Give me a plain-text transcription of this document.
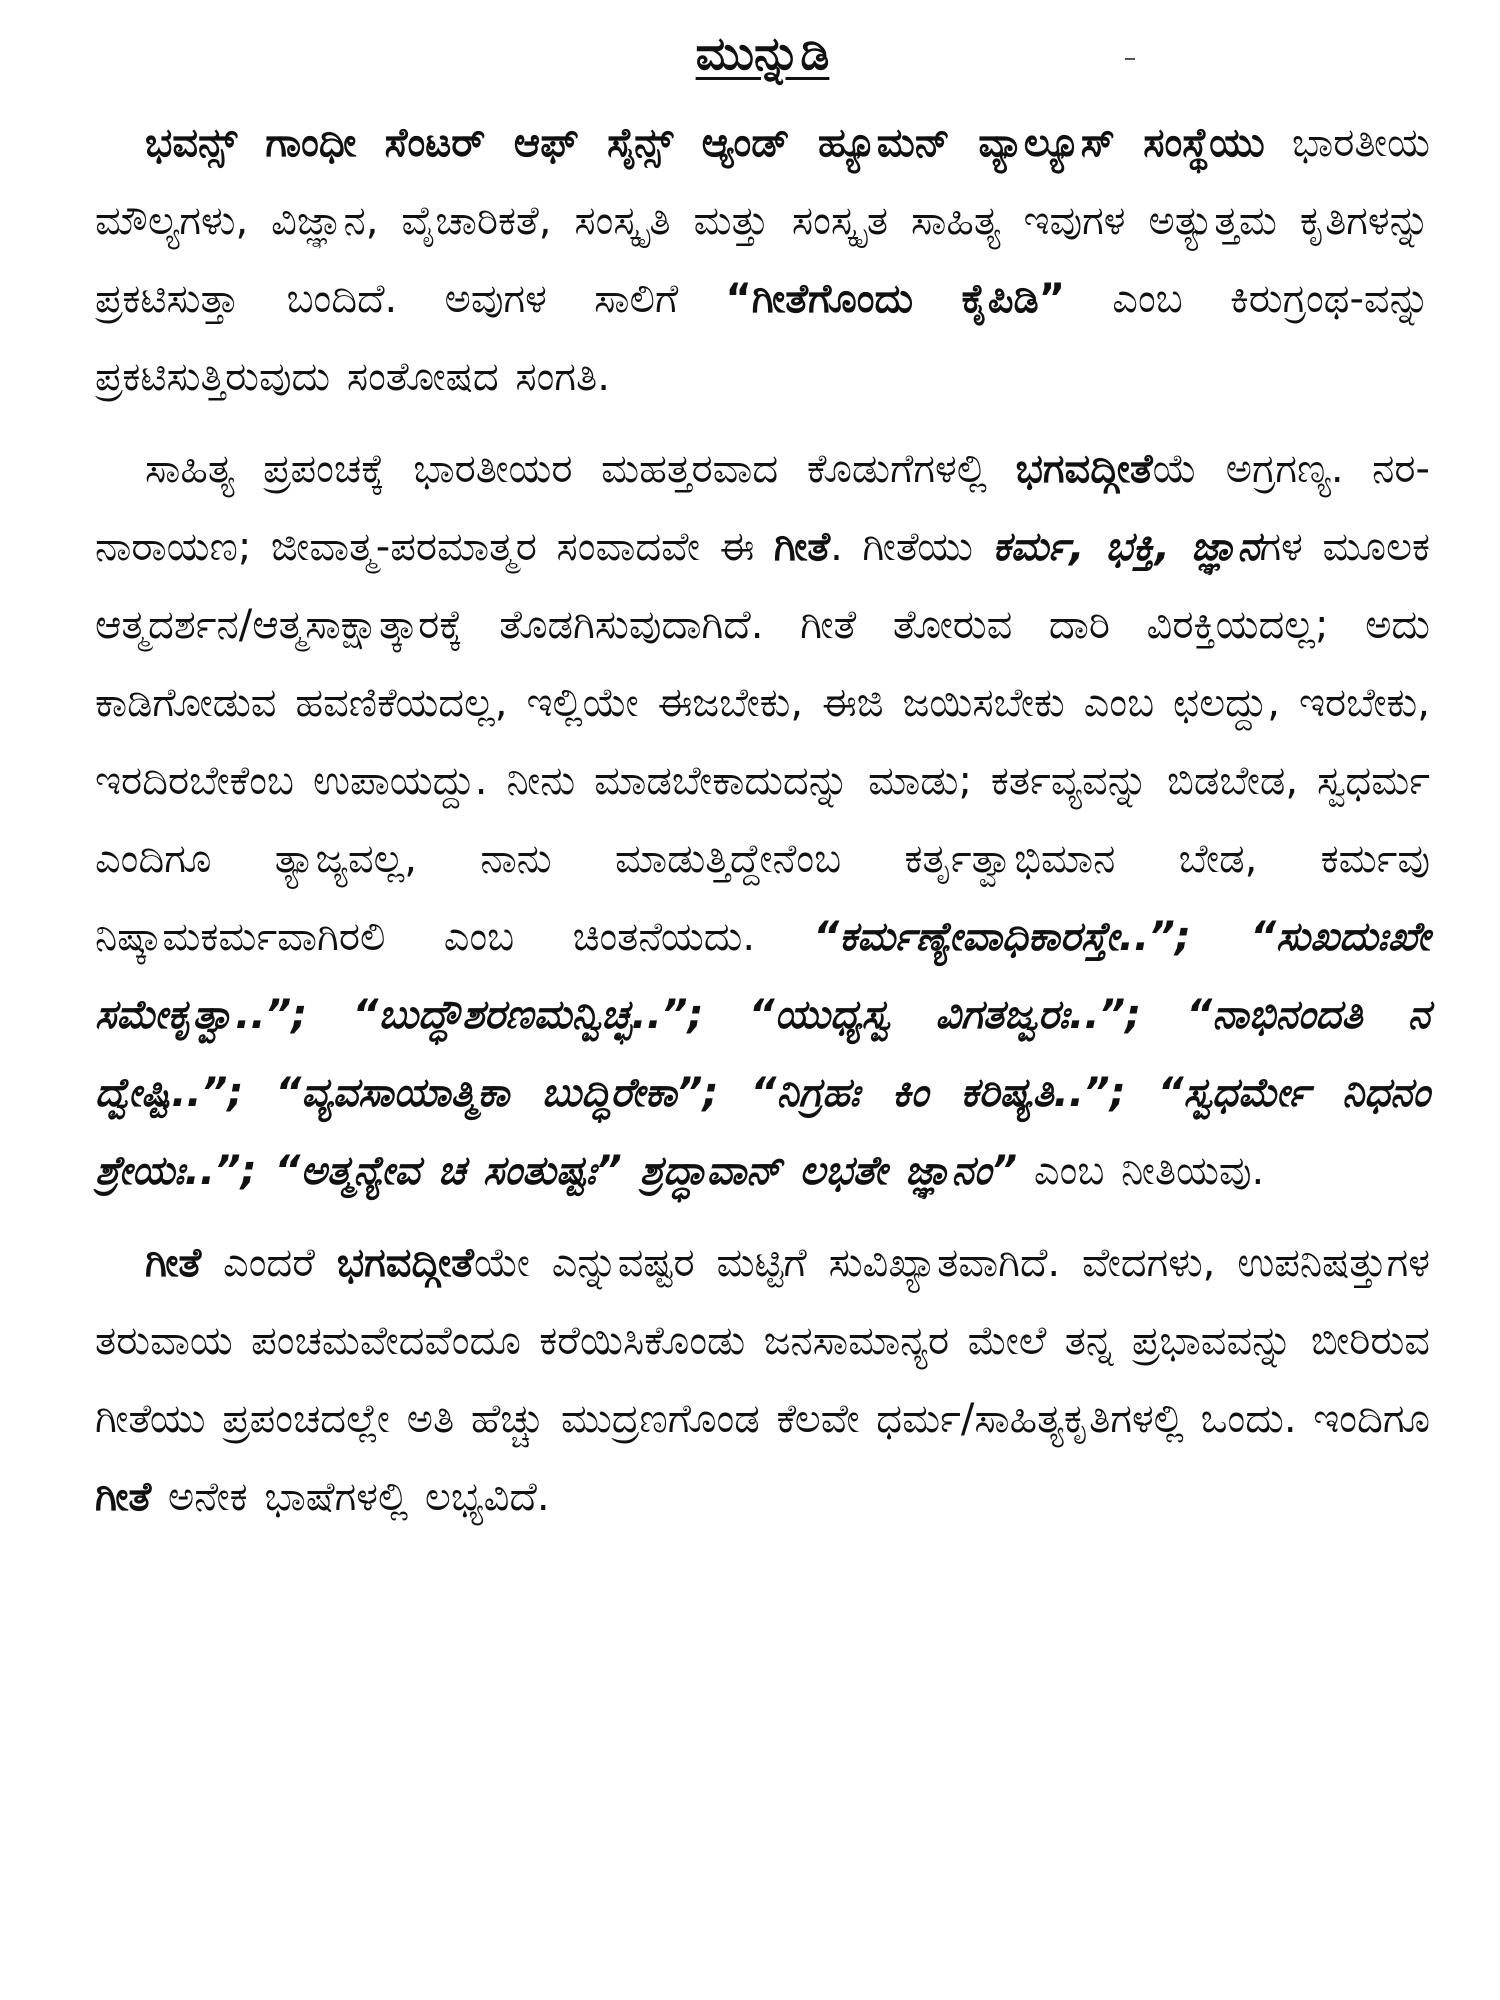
ಮುನ್ನುಡಿ

ಭವನ್ಸ್ ಗಾಂಧೀ ಸೆಂಟರ್ ಆಫ್ ಸೈನ್ಸ್ ಆ್ಯಂಡ್ ಹ್ಯೂಮನ್ ವ್ಯಾಲ್ಯೂಸ್ ಸಂಸ್ಥೆಯು ಭಾರತೀಯ ಮೌಲ್ಯಗಳು, ವಿಜ್ಞಾನ, ವೈಚಾರಿಕತೆ, ಸಂಸ್ಕೃತಿ ಮತ್ತು ಸಂಸ್ಕೃತ ಸಾಹಿತ್ಯ ಇವುಗಳ ಅತ್ಯುತ್ತಮ ಕೃತಿಗಳನ್ನು ಪ್ರಕಟಿಸುತ್ತಾ ಬಂದಿದೆ. ಅವುಗಳ ಸಾಲಿಗೆ “ಗೀತೆಗೊಂದು ಕೈಪಿಡಿ” ಎಂಬ ಕಿರುಗ್ರಂಥ-ವನ್ನು ಪ್ರಕಟಿಸುತ್ತಿರುವುದು ಸಂತೋಷದ ಸಂಗತಿ.

ಸಾಹಿತ್ಯ ಪ್ರಪಂಚಕ್ಕೆ ಭಾರತೀಯರ ಮಹತ್ತರವಾದ ಕೊಡುಗೆಗಳಲ್ಲಿ ಭಗವದ್ಗೀತೆಯೆ ಅಗ್ರಗಣ್ಯ. ನರ-ನಾರಾಯಣ; ಜೀವಾತ್ಮ-ಪರಮಾತ್ಮರ ಸಂವಾದವೇ ಈ ಗೀತೆ. ಗೀತೆಯು ಕರ್ಮ, ಭಕ್ತಿ, ಜ್ಞಾನಗಳ ಮೂಲಕ ಆತ್ಮದರ್ಶನ/ಆತ್ಮಸಾಕ್ಷಾತ್ಕಾರಕ್ಕೆ ತೊಡಗಿಸುವುದಾಗಿದೆ. ಗೀತೆ ತೋರುವ ದಾರಿ ವಿರಕ್ತಿಯದಲ್ಲ; ಅದು ಕಾಡಿಗೋಡುವ ಹವಣಿಕೆಯದಲ್ಲ, ಇಲ್ಲಿಯೇ ಈಜಬೇಕು, ಈಜಿ ಜಯಿಸಬೇಕು ಎಂಬ ಛಲದ್ದು, ಇರಬೇಕು, ಇರದಿರಬೇಕೆಂಬ ಉಪಾಯದ್ದು. ನೀನು ಮಾಡಬೇಕಾದುದನ್ನು ಮಾಡು; ಕರ್ತವ್ಯವನ್ನು ಬಿಡಬೇಡ, ಸ್ವಧರ್ಮ ಎಂದಿಗೂ ತ್ಯಾಜ್ಯವಲ್ಲ, ನಾನು ಮಾಡುತ್ತಿದ್ದೇನೆಂಬ ಕರ್ತೃತ್ವಾಭಿಮಾನ ಬೇಡ, ಕರ್ಮವು ನಿಷ್ಕಾಮಕರ್ಮವಾಗಿರಲಿ ಎಂಬ ಚಿಂತನೆಯದು. “ಕರ್ಮಣ್ಯೇವಾಧಿಕಾರಸ್ತೇ..”; “ಸುಖದುಃಖೇ ಸಮೇಕೃತ್ವಾ..”; “ಬುದ್ಧೌಶರಣಮನ್ವಿಚ್ಛ..”; “ಯುಧ್ಯಸ್ವ ವಿಗತಜ್ವರಃ..”; “ನಾಭಿನಂದತಿ ನ ದ್ವೇಷ್ಟಿ..”; “ವ್ಯವಸಾಯಾತ್ಮಿಕಾ ಬುದ್ಧಿರೇಕಾ”; “ನಿಗ್ರಹಃ ಕಿಂ ಕರಿಷ್ಯತಿ..”; “ಸ್ವಧರ್ಮೇ ನಿಧನಂ ಶ್ರೇಯಃ..”; “ಅತ್ಮನ್ಯೇವ ಚ ಸಂತುಷ್ಟಃ” ಶ್ರದ್ಧಾವಾನ್ ಲಭತೇ ಜ್ಞಾನಂ” ಎಂಬ ನೀತಿಯವು.

ಗೀತೆ ಎಂದರೆ ಭಗವದ್ಗೀತೆಯೇ ಎನ್ನುವಷ್ಟರ ಮಟ್ಟಿಗೆ ಸುವಿಖ್ಯಾತವಾಗಿದೆ. ವೇದಗಳು, ಉಪನಿಷತ್ತುಗಳ ತರುವಾಯ ಪಂಚಮವೇದವೆಂದೂ ಕರೆಯಿಸಿಕೊಂಡು ಜನಸಾಮಾನ್ಯರ ಮೇಲೆ ತನ್ನ ಪ್ರಭಾವವನ್ನು ಬೀರಿರುವ ಗೀತೆಯು ಪ್ರಪಂಚದಲ್ಲೇ ಅತಿ ಹೆಚ್ಚು ಮುದ್ರಣಗೊಂಡ ಕೆಲವೇ ಧರ್ಮ/ಸಾಹಿತ್ಯಕೃತಿಗಳಲ್ಲಿ ಒಂದು. ಇಂದಿಗೂ ಗೀತೆ ಅನೇಕ ಭಾಷೆಗಳಲ್ಲಿ ಲಭ್ಯವಿದೆ.
